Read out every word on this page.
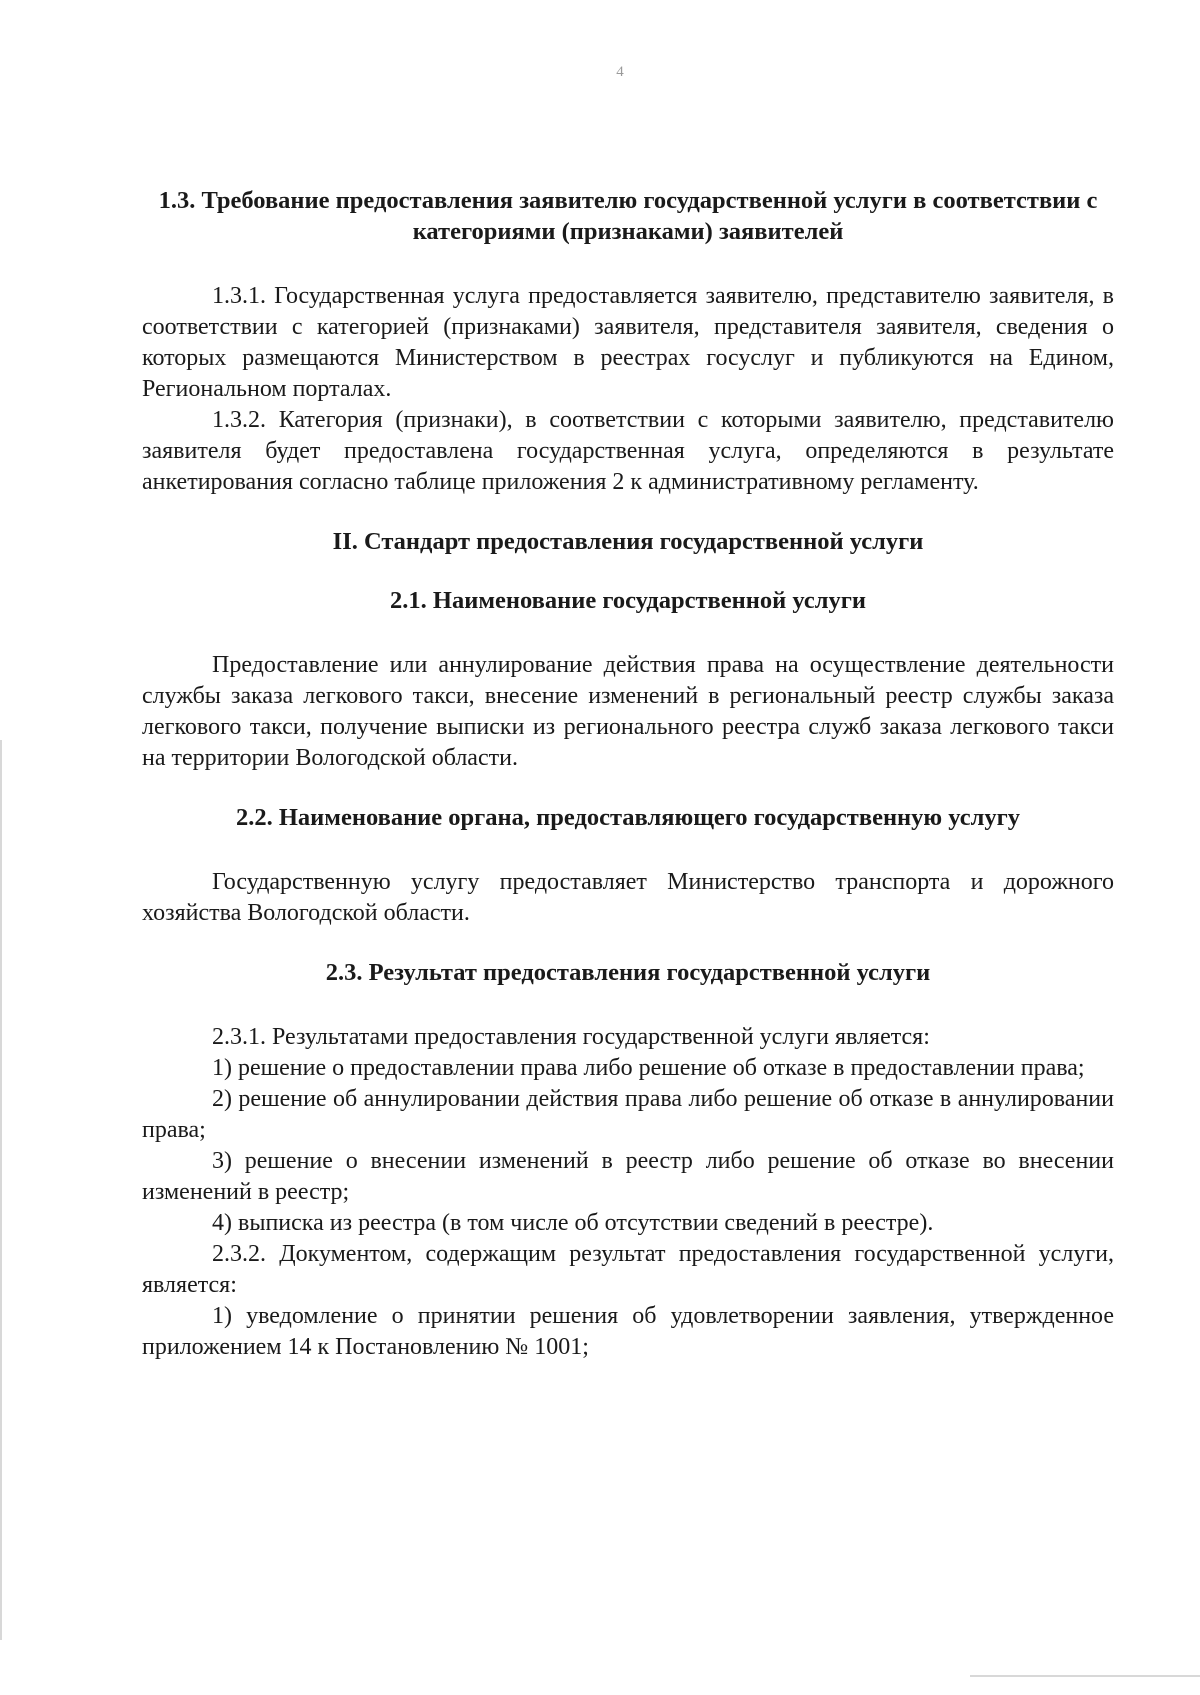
4
1.3. Требование предоставления заявителю государственной услуги в соответствии с категориями (признаками) заявителей

1.3.1. Государственная услуга предоставляется заявителю, представителю заявителя, в соответствии с категорией (признаками) заявителя, представителя заявителя, сведения о которых размещаются Министерством в реестрах госуслуг и публикуются на Едином, Региональном порталах.

1.3.2. Категория (признаки), в соответствии с которыми заявителю, представителю заявителя будет предоставлена государственная услуга, определяются в результате анкетирования согласно таблице приложения 2 к административному регламенту.

II. Стандарт предоставления государственной услуги
2.1. Наименование государственной услуги

Предоставление или аннулирование действия права на осуществление деятельности службы заказа легкового такси, внесение изменений в региональный реестр службы заказа легкового такси, получение выписки из регионального реестра служб заказа легкового такси на территории Вологодской области.

2.2. Наименование органа, предоставляющего государственную услугу

Государственную услугу предоставляет Министерство транспорта и дорожного хозяйства Вологодской области.

2.3. Результат предоставления государственной услуги

2.3.1. Результатами предоставления государственной услуги является:

1) решение о предоставлении права либо решение об отказе в предоставлении права;

2) решение об аннулировании действия права либо решение об отказе в аннулировании права;

3) решение о внесении изменений в реестр либо решение об отказе во внесении изменений в реестр;

4) выписка из реестра (в том числе об отсутствии сведений в реестре).

2.3.2. Документом, содержащим результат предоставления государственной услуги, является:

1) уведомление о принятии решения об удовлетворении заявления, утвержденное приложением 14 к Постановлению № 1001;
